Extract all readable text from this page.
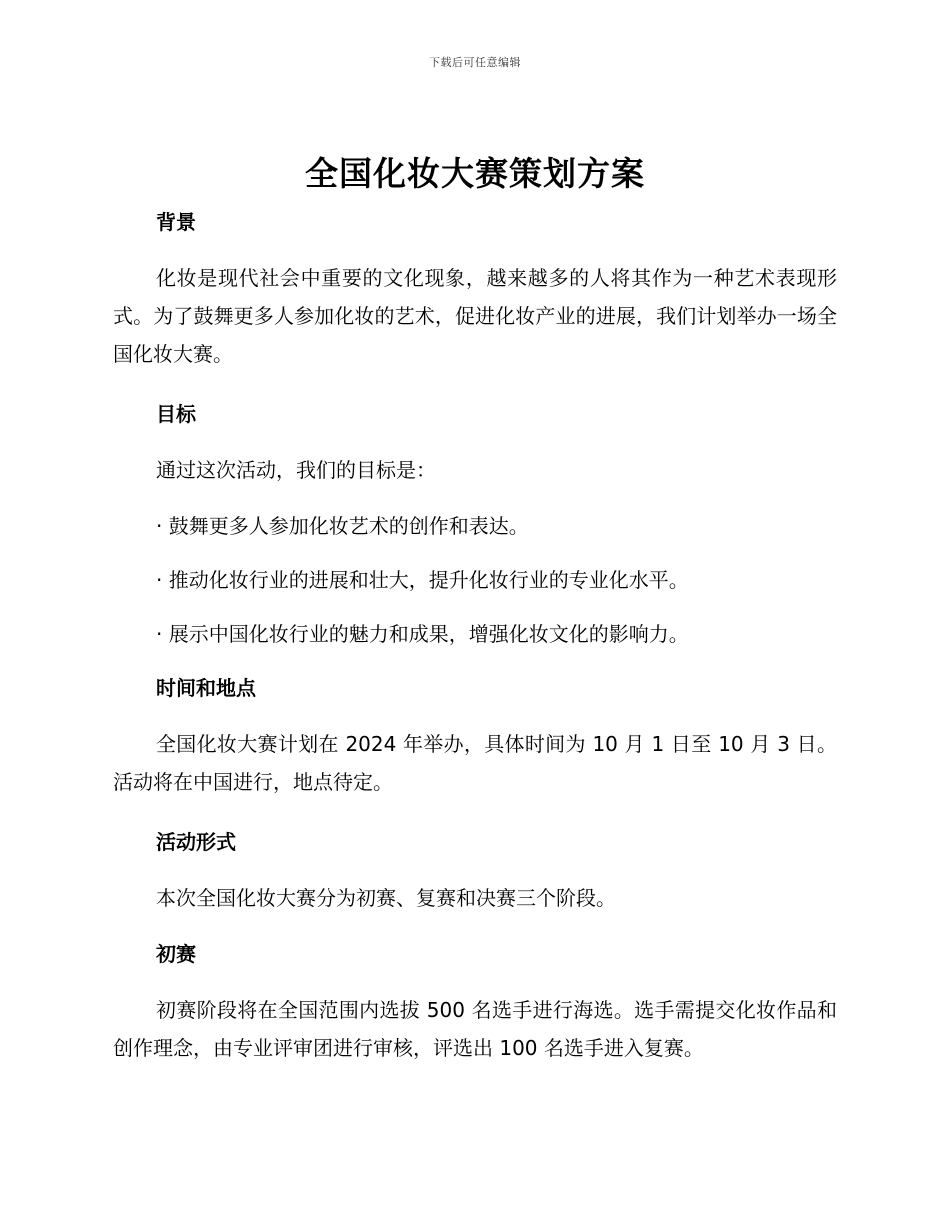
下载后可任意编辑
全国化妆大赛策划方案
背景

化妆是现代社会中重要的文化现象，越来越多的人将其作为一种艺术表现形式。为了鼓舞更多人参加化妆的艺术，促进化妆产业的进展，我们计划举办一场全国化妆大赛。

目标

通过这次活动，我们的目标是：

· 鼓舞更多人参加化妆艺术的创作和表达。

· 推动化妆行业的进展和壮大，提升化妆行业的专业化水平。

· 展示中国化妆行业的魅力和成果，增强化妆文化的影响力。

时间和地点

全国化妆大赛计划在 2024 年举办，具体时间为 10 月 1 日至 10 月 3 日。活动将在中国进行，地点待定。

活动形式

本次全国化妆大赛分为初赛、复赛和决赛三个阶段。

初赛

初赛阶段将在全国范围内选拔 500 名选手进行海选。选手需提交化妆作品和创作理念，由专业评审团进行审核，评选出 100 名选手进入复赛。
